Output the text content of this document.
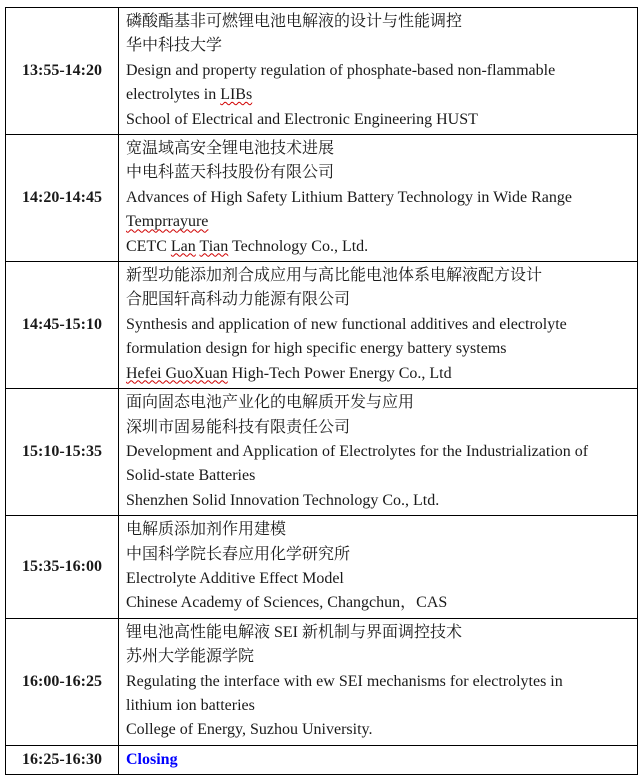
13:55-14:20	磷酸酯基非可燃锂电池电解液的设计与性能调控
华中科技大学
Design and property regulation of phosphate-based non-flammable
electrolytes in LIBs
School of Electrical and Electronic Engineering HUST

14:20-14:45	宽温域高安全锂电池技术进展
中电科蓝天科技股份有限公司
Advances of High Safety Lithium Battery Technology in Wide Range
Temprrayure
CETC Lan Tian Technology Co., Ltd.

14:45-15:10	新型功能添加剂合成应用与高比能电池体系电解液配方设计
合肥国轩高科动力能源有限公司
Synthesis and application of new functional additives and electrolyte
formulation design for high specific energy battery systems
Hefei GuoXuan High-Tech Power Energy Co., Ltd

15:10-15:35	面向固态电池产业化的电解质开发与应用
深圳市固易能科技有限责任公司
Development and Application of Electrolytes for the Industrialization of
Solid-state Batteries
Shenzhen Solid Innovation Technology Co., Ltd.

15:35-16:00	电解质添加剂作用建模
中国科学院长春应用化学研究所
Electrolyte Additive Effect Model
Chinese Academy of Sciences, Changchun，CAS

16:00-16:25	锂电池高性能电解液 SEI 新机制与界面调控技术
苏州大学能源学院
Regulating the interface with ew SEI mechanisms for electrolytes in
lithium ion batteries
College of Energy, Suzhou University.

16:25-16:30	Closing
